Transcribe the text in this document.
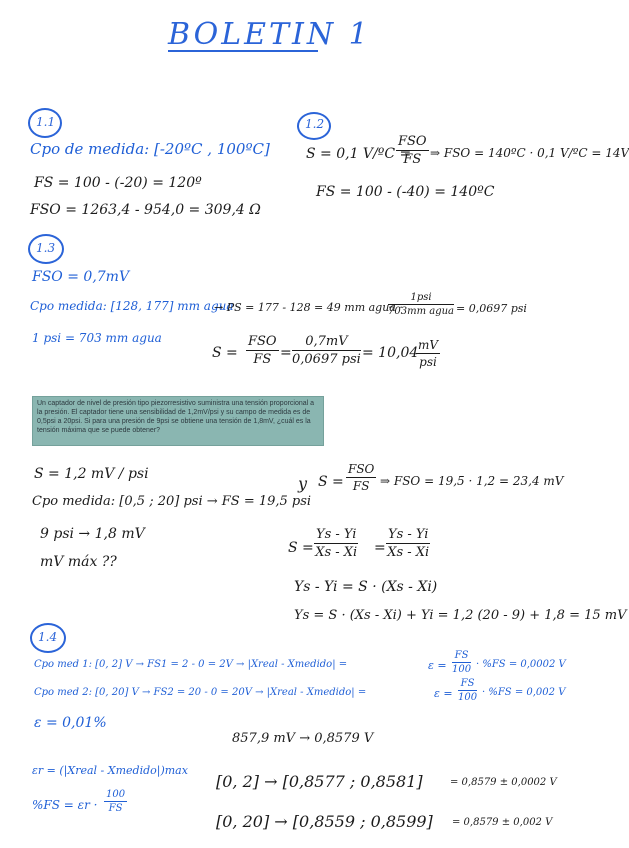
BOLETIN 1
1.1
Cpo de medida: [-20ºC , 100ºC]
FS = 100 - (-20) = 120º
FSO = 1263,4 - 954,0 = 309,4 Ω
1.2
S = 0,1 V/ºC =
FSO
FS ⇒ FSO = 140ºC · 0,1 V/ºC = 14V
FS = 100 - (-40) = 140ºC
1.3
FSO = 0,7mV
Cpo medida: [128, 177] mm agua
→ PS = 177 - 128 = 49 mm agua ·
1psi
703mm agua = 0,0697 psi
1 psi = 703 mm agua
S =
FSO
FS =
0,7mV
0,0697 psi = 10,04 mV
psi
Un captador de nivel de presión tipo piezorresistivo suministra una tensión proporcional a la presión. El captador tiene una sensibilidad de 1,2mV/psi y su campo de medida es de 0,5psi a 20psi. Si para una presión de 9psi se obtiene una tensión de 1,8mV, ¿cuál es la tensión máxima que se puede obtener?
S = 1,2 mV / psi
Cpo medida: [0,5 ; 20] psi → FS = 19,5 psi
9 psi → 1,8 mV
mV máx ??
y S =
FSO
FS ⇒ FSO = 19,5 · 1,2 = 23,4 mV
$S = \frac{Ys - Yi}{Xs - Xi} = \frac{Ys - Yi}{Xs - Xi}$
Ys - Yi = S · (Xs - Xi)
Ys = S · (Xs - Xi) + Yi = 1,2 (20 - 9) + 1,8 = 15 mV
1.4
Cpo med 1: [0, 2] V → FS1 = 2 - 0 = 2V → |Xreal - Xmedido| =	$\varepsilon = \frac{FS}{100} \cdot \%FS = 0,0002$ V
Cpo med 2: [0, 20] V → FS2 = 20 - 0 = 20V → |Xreal - Xmedido| =	$\varepsilon = \frac{FS}{100} \cdot \%FS = 0,002$ V
ε = 0,01%
857,9 mV → 0,8579 V
εr = (|Xreal - Xmedido|)max
$\%FS = \varepsilon r \cdot \frac{100}{FS}$
[0, 2] → [0,8577 ; 0,8581]	= 0,8579 ± 0,0002 V
[0, 20] → [0,8559 ; 0,8599] = 0,8579 ± 0,002 V
